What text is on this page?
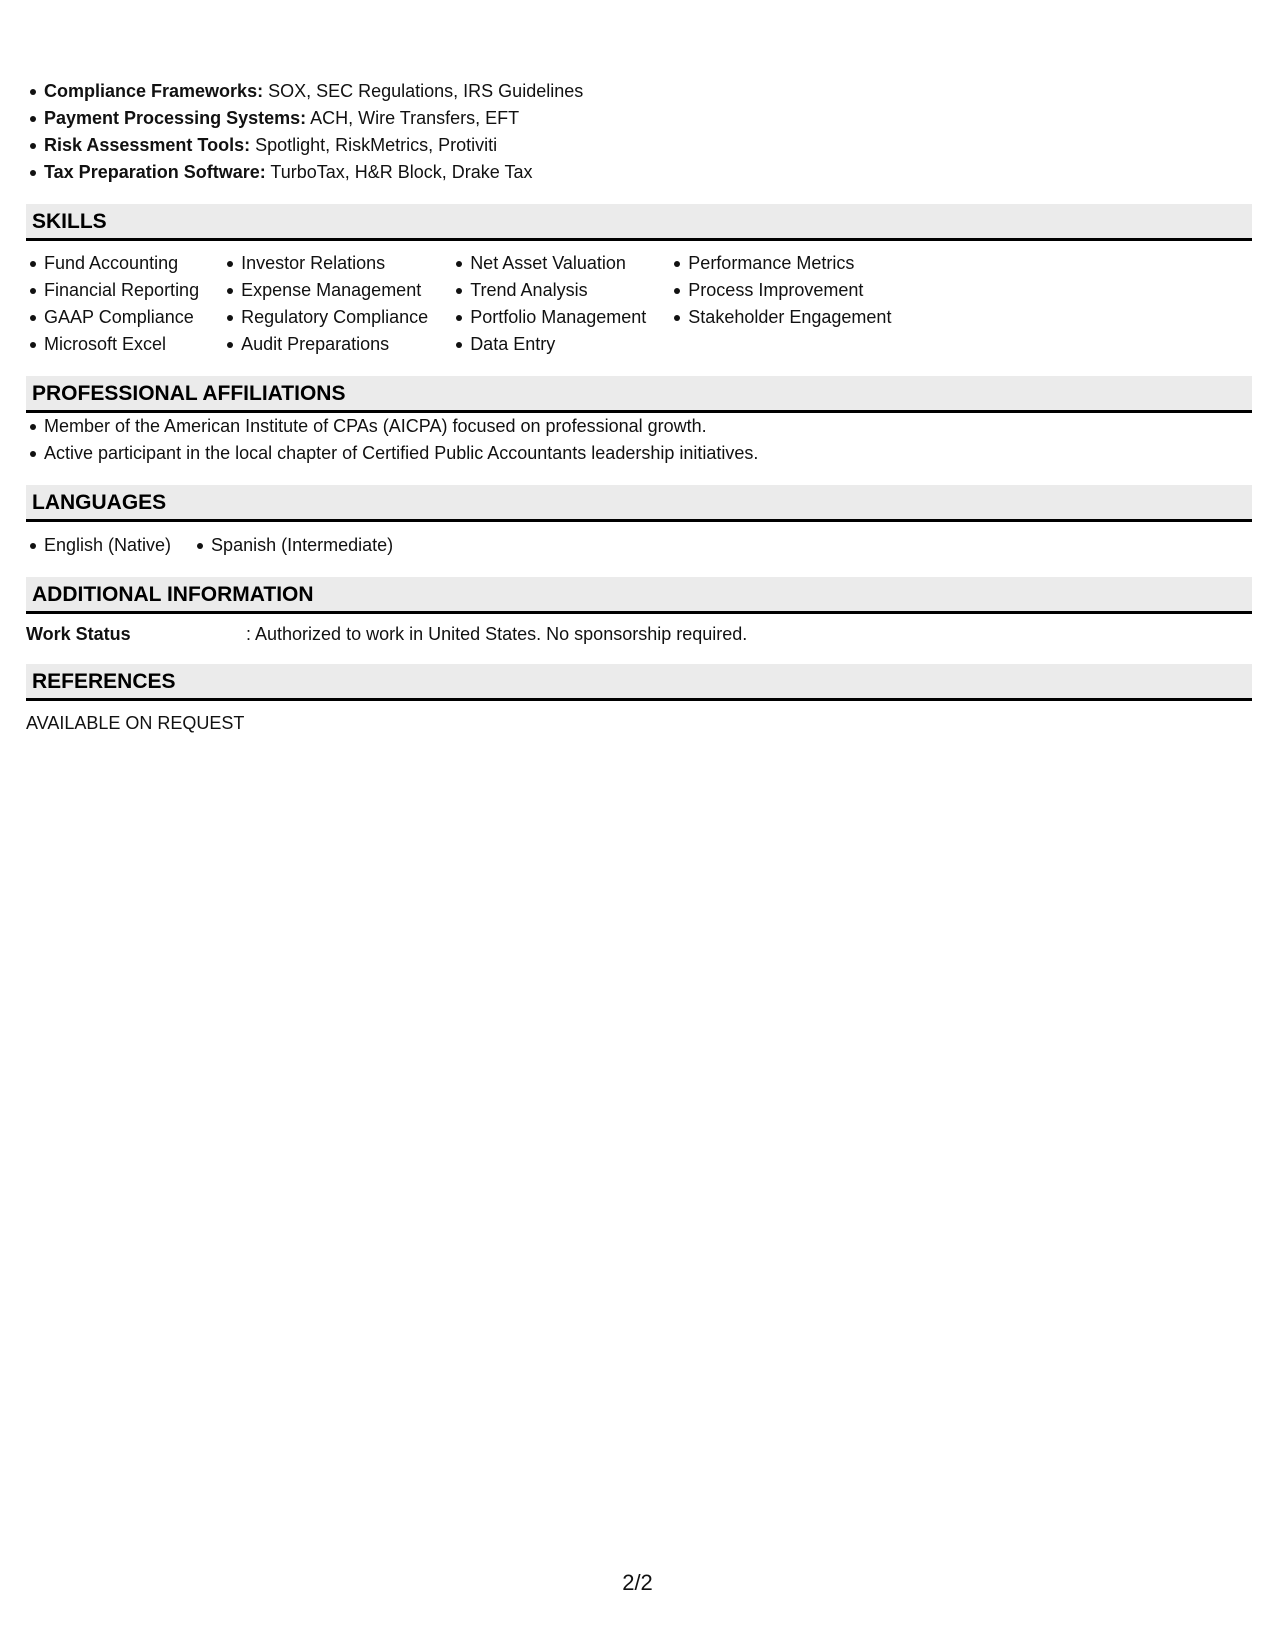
Compliance Frameworks: SOX, SEC Regulations, IRS Guidelines
Payment Processing Systems: ACH, Wire Transfers, EFT
Risk Assessment Tools: Spotlight, RiskMetrics, Protiviti
Tax Preparation Software: TurboTax, H&R Block, Drake Tax
SKILLS
Fund Accounting
Financial Reporting
GAAP Compliance
Microsoft Excel
Investor Relations
Expense Management
Regulatory Compliance
Audit Preparations
Net Asset Valuation
Trend Analysis
Portfolio Management
Data Entry
Performance Metrics
Process Improvement
Stakeholder Engagement
PROFESSIONAL AFFILIATIONS
Member of the American Institute of CPAs (AICPA) focused on professional growth.
Active participant in the local chapter of Certified Public Accountants leadership initiatives.
LANGUAGES
English (Native) Spanish (Intermediate)
ADDITIONAL INFORMATION
Work Status	: Authorized to work in United States. No sponsorship required.
REFERENCES
AVAILABLE ON REQUEST
2/2
